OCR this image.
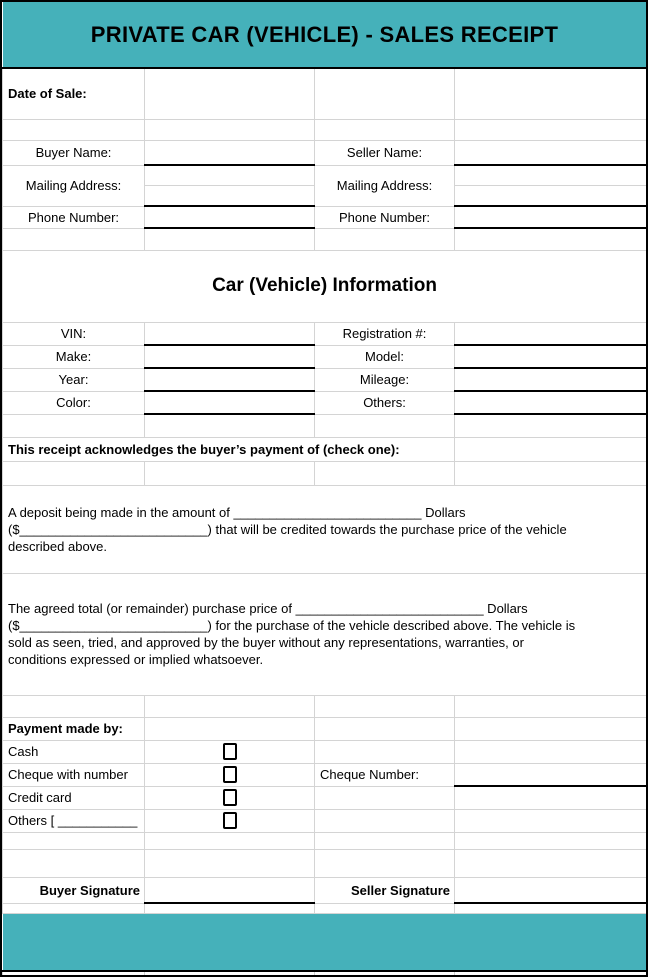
PRIVATE CAR (VEHICLE) - SALES RECEIPT			

Date of Sale:			

Buyer Name:		Seller Name:	
Mailing Address:		Mailing Address:	

Phone Number:		Phone Number:	

Car (Vehicle) Information			

VIN:		Registration #:	
Make:		Model:	
Year:		Mileage:	
Color:		Others:	

This receipt acknowledges the buyer’s payment of (check one):			

A deposit being made in the amount of __________________________ Dollars
($__________________________) that will be credited towards the purchase price of the vehicle
described above.			

The agreed total (or remainder) purchase price of __________________________ Dollars
($__________________________) for the purchase of the vehicle described above. The vehicle is
sold as seen, tried, and approved by the buyer without any representations, warranties, or
conditions expressed or implied whatsoever.			

Payment made by:			
Cash			
Cheque with number		Cheque Number:	
Credit card			
Others [ ___________			

Buyer Signature		Seller Signature	
